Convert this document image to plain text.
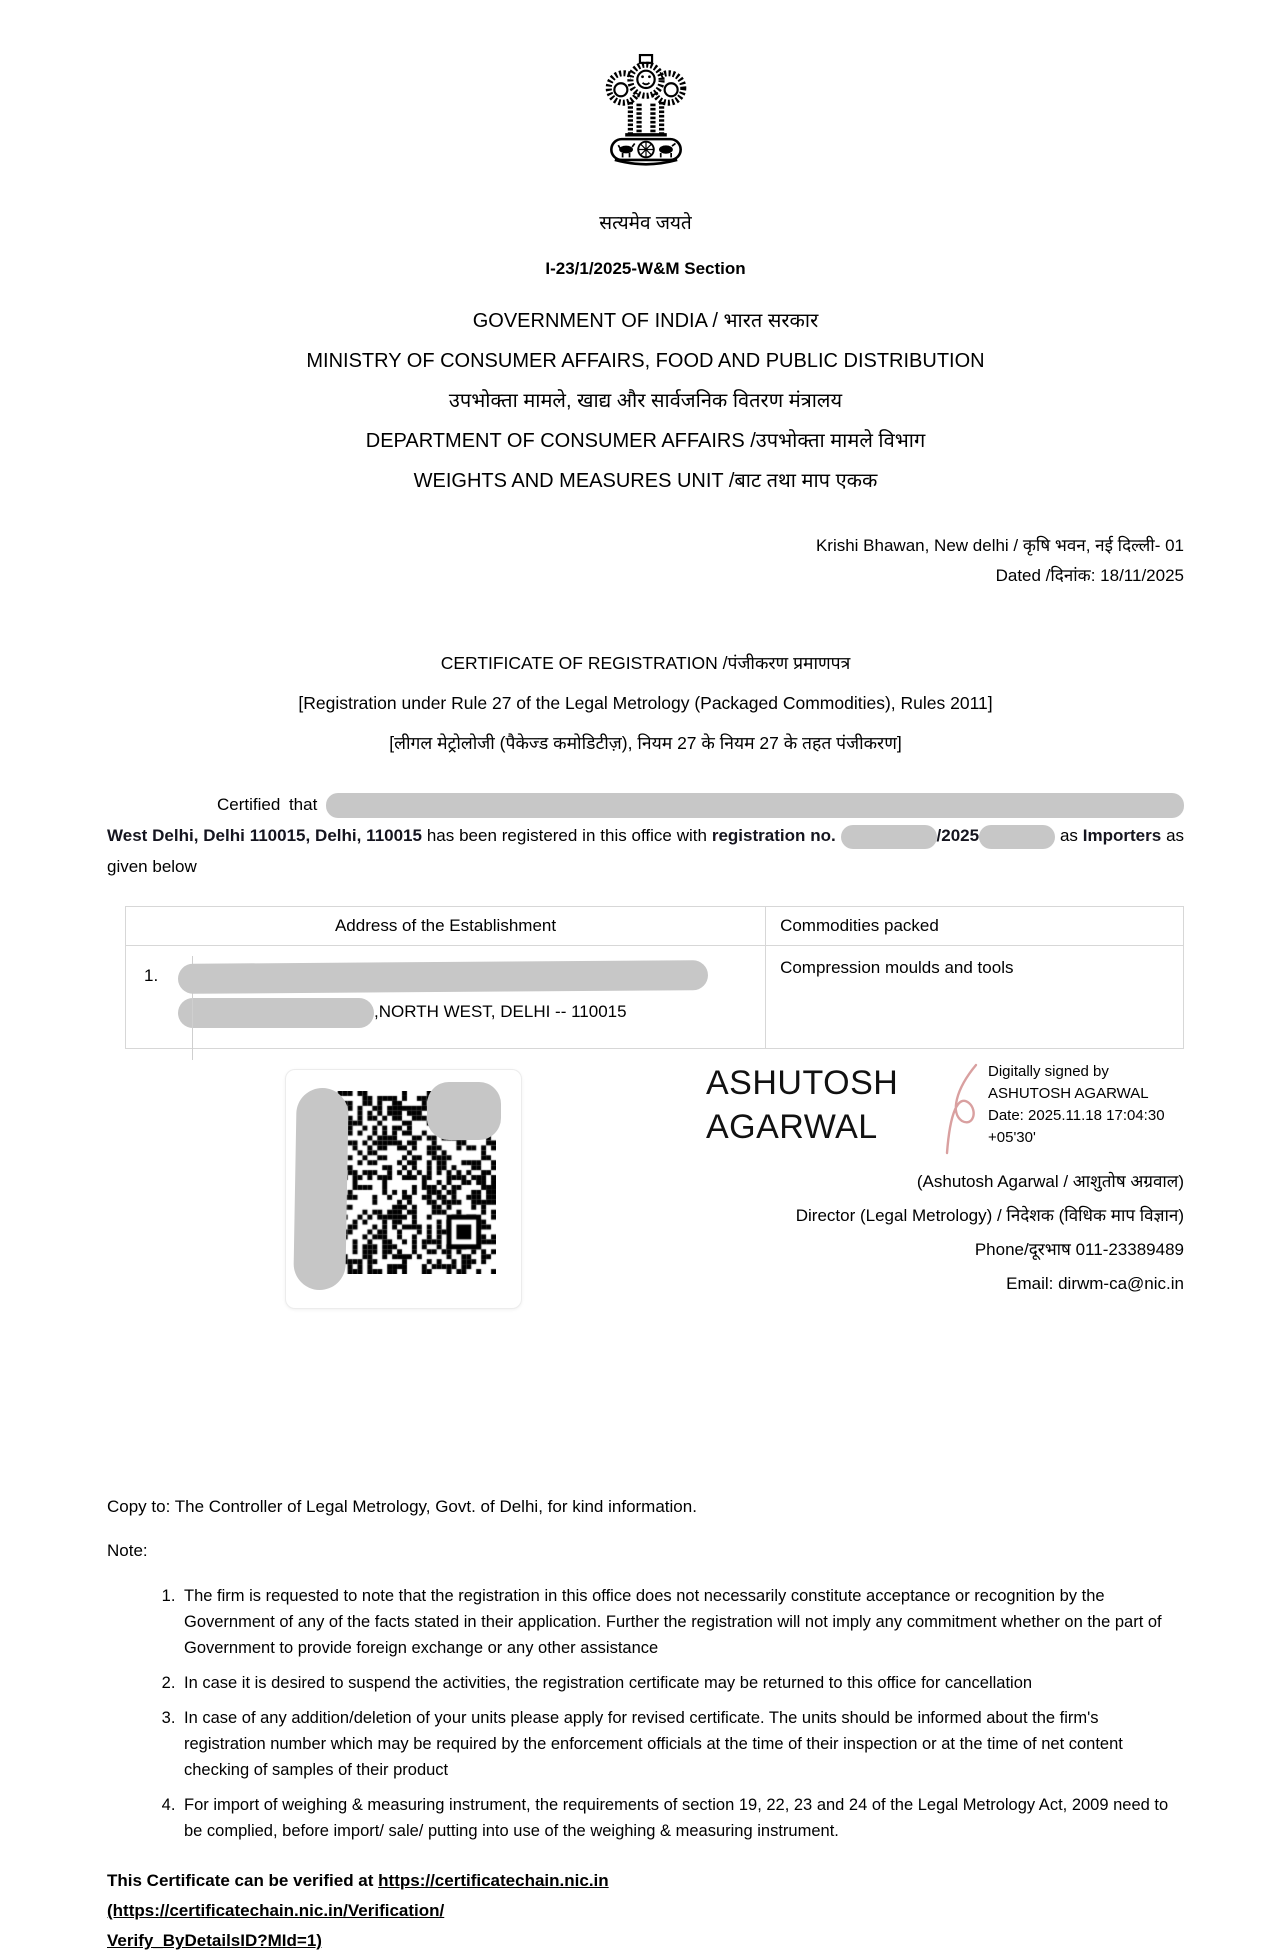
सत्यमेव जयते
I-23/1/2025-W&M Section
GOVERNMENT OF INDIA / भारत सरकार
MINISTRY OF CONSUMER AFFAIRS, FOOD AND PUBLIC DISTRIBUTION
उपभोक्ता मामले, खाद्य और सार्वजनिक वितरण मंत्रालय
DEPARTMENT OF CONSUMER AFFAIRS /उपभोक्ता मामले विभाग
WEIGHTS AND MEASURES UNIT /बाट तथा माप एकक
Krishi Bhawan, New delhi / कृषि भवन, नई दिल्ली- 01
Dated /दिनांक: 18/11/2025
CERTIFICATE OF REGISTRATION /पंजीकरण प्रमाणपत्र
[Registration under Rule 27 of the Legal Metrology (Packaged Commodities), Rules 2011]
[लीगल मेट्रोलोजी (पैकेज्ड कमोडिटीज़), नियम 27 के नियम 27 के तहत पंजीकरण]

Certified that  West Delhi, Delhi 110015, Delhi, 110015 has been registered in this office with registration no.	/2025	as Importers as given below

Address of the Establishment	Commodities packed

1.
,NORTH WEST, DELHI -- 110015	Compression moulds and tools
ASHUTOSH AGARWAL
Digitally signed by
ASHUTOSH AGARWAL
Date: 2025.11.18 17:04:30
+05'30'
(Ashutosh Agarwal / आशुतोष अग्रवाल)
Director (Legal Metrology) / निदेशक (विधिक माप विज्ञान)
Phone/दूरभाष 011-23389489
Email: dirwm-ca@nic.in
Copy to: The Controller of Legal Metrology, Govt. of Delhi, for kind information.
Note:
1. The firm is requested to note that the registration in this office does not necessarily constitute acceptance or recognition by the Government of any of the facts stated in their application. Further the registration will not imply any commitment whether on the part of Government to provide foreign exchange or any other assistance
2. In case it is desired to suspend the activities, the registration certificate may be returned to this office for cancellation
3. In case of any addition/deletion of your units please apply for revised certificate. The units should be informed about the firm's registration number which may be required by the enforcement officials at the time of their inspection or at the time of net content checking of samples of their product
4. For import of weighing & measuring instrument, the requirements of section 19, 22, 23 and 24 of the Legal Metrology Act, 2009 need to be complied, before import/ sale/ putting into use of the weighing & measuring instrument.
This Certificate can be verified at https://certificatechain.nic.in (https://certificatechain.nic.in/Verification/
Verify_ByDetailsID?MId=1)
